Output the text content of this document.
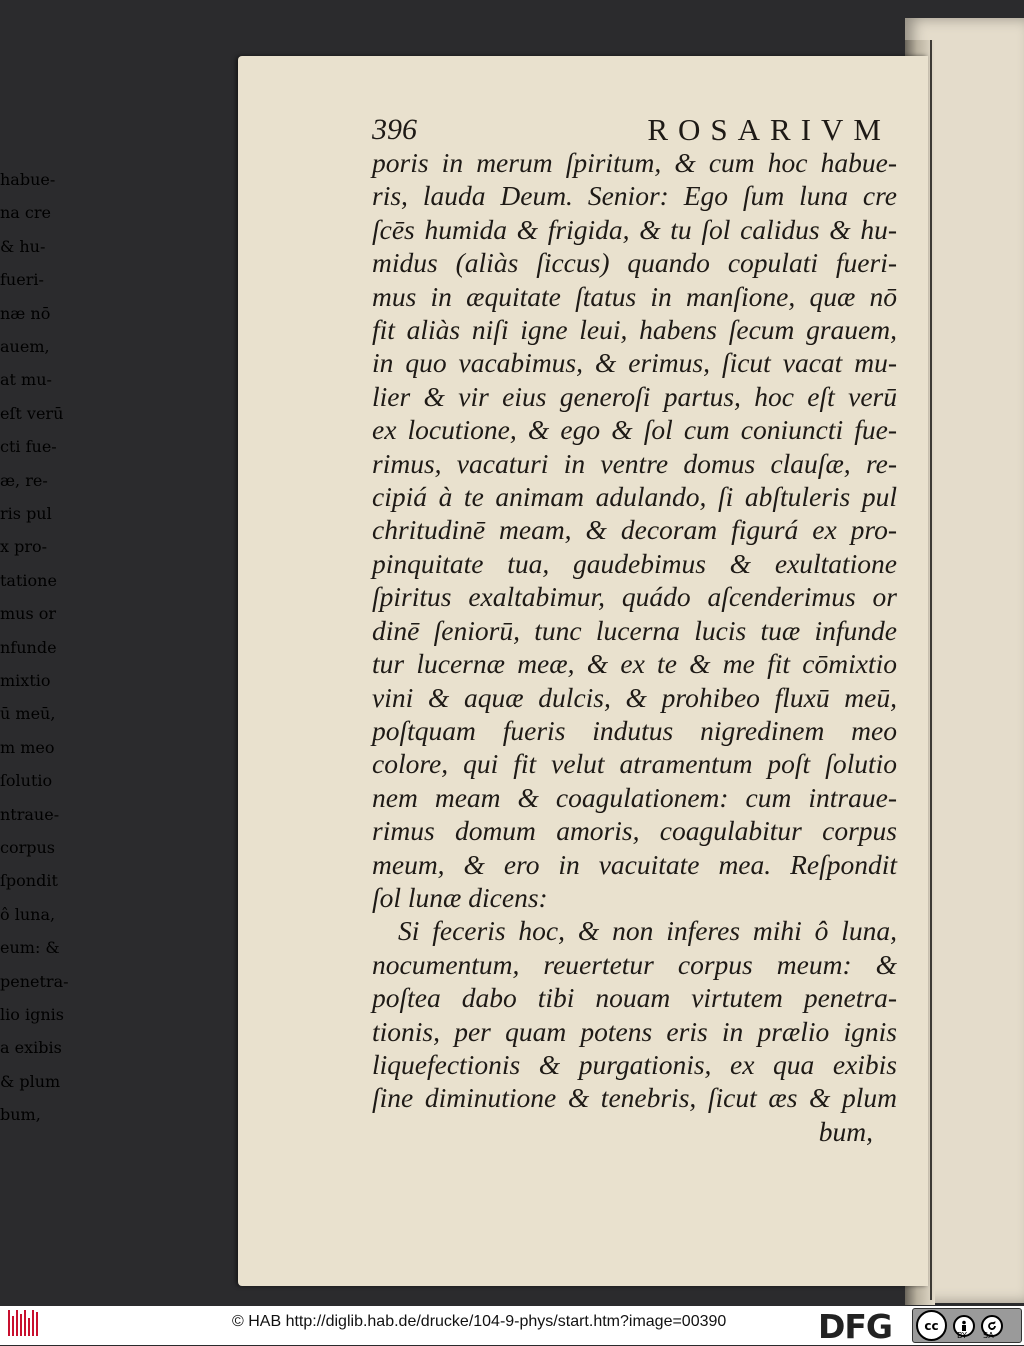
habue-
na cre
& hu-
fueri-
næ nō
auem,
at mu-
eſt verū
cti fue-
æ, re-
ris pul
x pro-
tatione
mus or
nfunde
mixtio
ū meū,
m meo
ſolutio
ntraue-
corpus
ſpondit
ô luna,
eum: &
penetra-
lio ignis
a exibis
& plum
bum,
396	ROSARIVM
poris in merum ſpiritum, & cum hoc habue-
ris, lauda Deum. Senior: Ego ſum luna cre
ſcēs humida & frigida, & tu ſol calidus & hu-
midus (aliàs ſiccus) quando copulati fueri-
mus in æquitate ſtatus in manſione, quæ nō
fit aliàs niſi igne leui, habens ſecum grauem,
in quo vacabimus, & erimus, ſicut vacat mu-
lier & vir eius generoſi partus, hoc eſt verū
ex locutione, & ego & ſol cum coniuncti fue-
rimus, vacaturi in ventre domus clauſæ, re-
cipiá à te animam adulando, ſi abſtuleris pul
chritudinē meam, & decoram figurá ex pro-
pinquitate tua, gaudebimus & exultatione
ſpiritus exaltabimur, quádo aſcenderimus or
dinē ſeniorū, tunc lucerna lucis tuæ infunde
tur lucernæ meæ, & ex te & me fit cōmixtio
vini & aquæ dulcis, & prohibeo fluxū meū,
poſtquam fueris indutus nigredinem meo
colore, qui fit velut atramentum poſt ſolutio
nem meam & coagulationem: cum intraue-
rimus domum amoris, coagulabitur corpus
meum, & ero in vacuitate mea. Reſpondit
ſol lunæ dicens:
Si feceris hoc, & non inferes mihi ô luna,
nocumentum, reuertetur corpus meum: &
poſtea dabo tibi nouam virtutem penetra-
tionis, per quam potens eris in prælio ignis
liquefectionis & purgationis, ex qua exibis
ſine diminutione & tenebris, ſicut æs & plum
bum,
© HAB http://diglib.hab.de/drucke/104-9-phys/start.htm?image=00390	DFG	cc
BY SA
